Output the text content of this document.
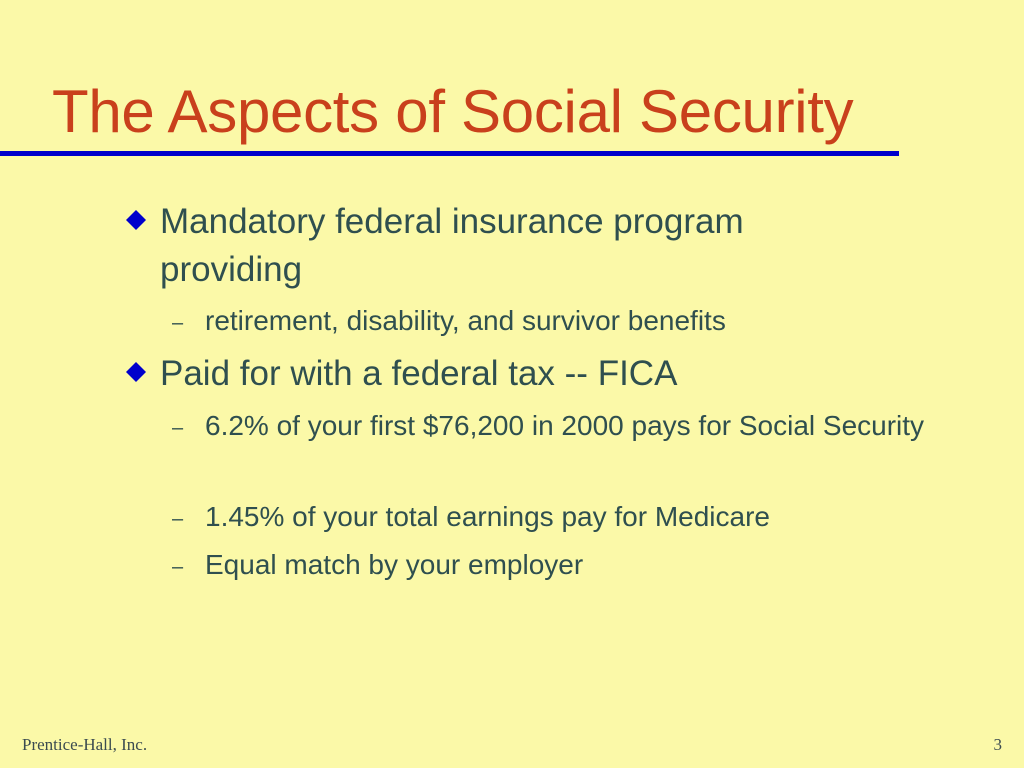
The Aspects of Social Security
Mandatory federal insurance program providing
– retirement, disability, and survivor benefits
Paid for with a federal tax -- FICA
– 6.2% of your first $76,200 in 2000 pays for Social Security
– 1.45% of your total earnings pay for Medicare
– Equal match by your employer
Prentice-Hall, Inc.	3
